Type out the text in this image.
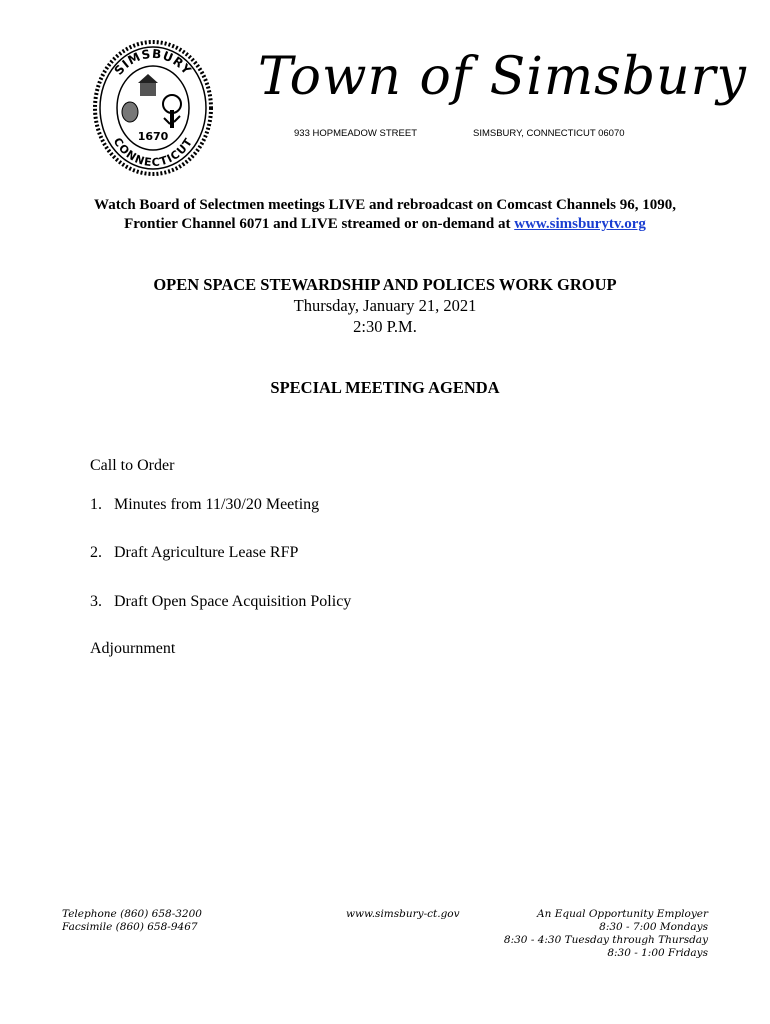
SIMSBURY
CONNECTICUT
1670
Town of Simsbury
933 HOPMEADOW STREET	SIMSBURY, CONNECTICUT 06070
Watch Board of Selectmen meetings LIVE and rebroadcast on Comcast Channels 96, 1090,
Frontier Channel 6071 and LIVE streamed or on-demand at www.simsburytv.org
OPEN SPACE STEWARDSHIP AND POLICES WORK GROUP
Thursday, January 21, 2021
2:30 P.M.
SPECIAL MEETING AGENDA
Call to Order
1. Minutes from 11/30/20 Meeting
2. Draft Agriculture Lease RFP
3. Draft Open Space Acquisition Policy
Adjournment
Telephone (860) 658-3200
Facsimile (860) 658-9467
www.simsbury-ct.gov	An Equal Opportunity Employer
8:30 - 7:00 Mondays
8:30 - 4:30 Tuesday through Thursday
8:30 - 1:00 Fridays
